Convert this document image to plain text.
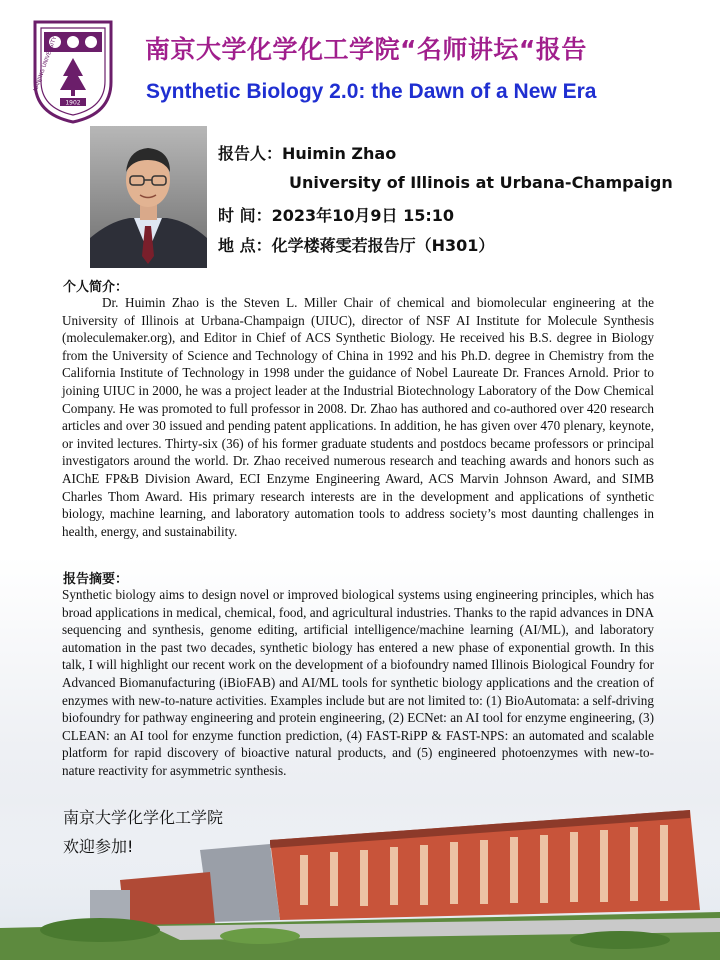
1902
NANJING UNIVERSITY	南京大学化学化工学院“名师讲坛“报告
Synthetic Biology 2.0: the Dawn of a New Era
报告人：Huimin Zhao
University of Illinois at Urbana-Champaign
时 间：2023年10月9日 15:10
地 点：化学楼蒋雯若报告厅（H301）
个人简介：

Dr. Huimin Zhao is the Steven L. Miller Chair of chemical and biomolecular engineering at the University of Illinois at Urbana-Champaign (UIUC), director of NSF AI Institute for Molecule Synthesis (moleculemaker.org), and Editor in Chief of ACS Synthetic Biology. He received his B.S. degree in Biology from the University of Science and Technology of China in 1992 and his Ph.D. degree in Chemistry from the California Institute of Technology in 1998 under the guidance of Nobel Laureate Dr. Frances Arnold. Prior to joining UIUC in 2000, he was a project leader at the Industrial Biotechnology Laboratory of the Dow Chemical Company. He was promoted to full professor in 2008. Dr. Zhao has authored and co-authored over 420 research articles and over 30 issued and pending patent applications. In addition, he has given over 470 plenary, keynote, or invited lectures. Thirty-six (36) of his former graduate students and postdocs became professors or principal investigators around the world. Dr. Zhao received numerous research and teaching awards and honors such as AIChE FP&B Division Award, ECI Enzyme Engineering Award, ACS Marvin Johnson Award, and SIMB Charles Thom Award. His primary research interests are in the development and applications of synthetic biology, machine learning, and laboratory automation tools to address society’s most daunting challenges in health, energy, and sustainability.

报告摘要：

Synthetic biology aims to design novel or improved biological systems using engineering principles, which has broad applications in medical, chemical, food, and agricultural industries. Thanks to the rapid advances in DNA sequencing and synthesis, genome editing, artificial intelligence/machine learning (AI/ML), and laboratory automation in the past two decades, synthetic biology has entered a new phase of exponential growth. In this talk, I will highlight our recent work on the development of a biofoundry named Illinois Biological Foundry for Advanced Biomanufacturing (iBioFAB) and AI/ML tools for synthetic biology applications and the creation of enzymes with new-to-nature activities. Examples include but are not limited to: (1) BioAutomata: a self-driving biofoundry for pathway engineering and protein engineering, (2) ECNet: an AI tool for enzyme engineering, (3) CLEAN: an AI tool for enzyme function prediction, (4) FAST-RiPP & FAST-NPS: an automated and scalable platform for rapid discovery of bioactive natural products, and (5) engineered photoenzymes with new-to-nature reactivity for asymmetric synthesis.

南京大学化学化工学院
欢迎参加!
